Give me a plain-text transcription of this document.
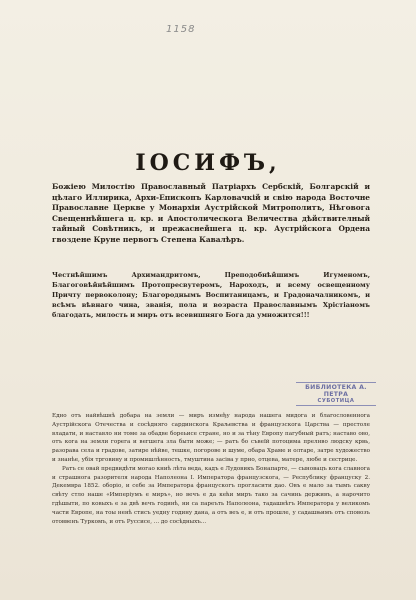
1158
ІОСИФЪ,
Божіею Милостію Православный Патріархъ Сербскій, Болгарскій и цѣлаго Иллирика, Архи-Епископъ Карловачкій и свію народа Восточне Православне Церкве у Монархіи Аустрійской Митрополитъ, Нѣговога Свещеннѣйшега ц. кр. и Апостолическога Величества дѣйствителный тайный Совѣтникъ, и прежаснейшега ц. кр. Аустрійскога Ордена гвоздене Круне первогъ Степена Кавалѣръ.
Честнѣйшимъ Архимандритомъ, Преподобнѣйшимъ Игуменомъ, Благоговѣйнѣйшимъ Протопресвутеромъ, Нароходъ, и всему освещенному Причту первоколону; Благороднымъ Воспитаницамъ, и Градоначалникомъ, и всѣмъ вѣвнаго чина, званія, пола и возраста Православнымъ Хрістіаномъ благодать, милость и миръ отъ всевишняго Бога да умножится!!!
БИБЛИОТЕКА А. ПЕТРА
СУБОТИЦА

Едно отъ найвѣшнѣ добара на земли — миръ између народа нашега мидога и благословеннога Аустрійскога Отечества и сосѣдняго сардинскога Краљевства и французскога Царства — престоле владати, и наставло ни томе за обадве бореьисе стране, но и за тѣну Европу пагубный ратъ; наставо ово, отъ кога на земли горега и вегшега зла быти може; — ратъ бо съвеїй потоцима прелнво людску крвь, разорава села и градове, затире нѣйве, тешке, погорове и шуме, обара Храме и олтаре, затре художество и знанѣе, убія трговину и промишлѣнность, тмуштина засіва у прно, отцева, матере, любе и сестрице.

Ратъ се овай предвидѣти могао книѣ лѣта веда, кадъ е Лудовикъ Бонапарте, — сыновацъ кога славнога и страшнога разорителя народа Наполеона I. Императора французскога, — Республику француску 2. Декемвра 1852. оборіо, и себе за Императора францускогъ прогласити дао. Овъ е мало за тымъ сакву свѣту стло наше «Имперіумъ е миръ», но вечъ е да кећи миръ тако за сачинь держивъ, а нарочито гдѣшыти, по ковыхъ е за двѣ вечъ годинѣ, ни са пареъть Наполеона, тадашнѣгъ Императора у великомъ части Европе, на тоы ненѣ стисъ уедну годину дана, а отъ веъ е, и отъ прошле, у садашњимъ отъ сповозъ отоввенъ Туркомъ, и отъ Руссисе, ... до сосѣдныхъ...
